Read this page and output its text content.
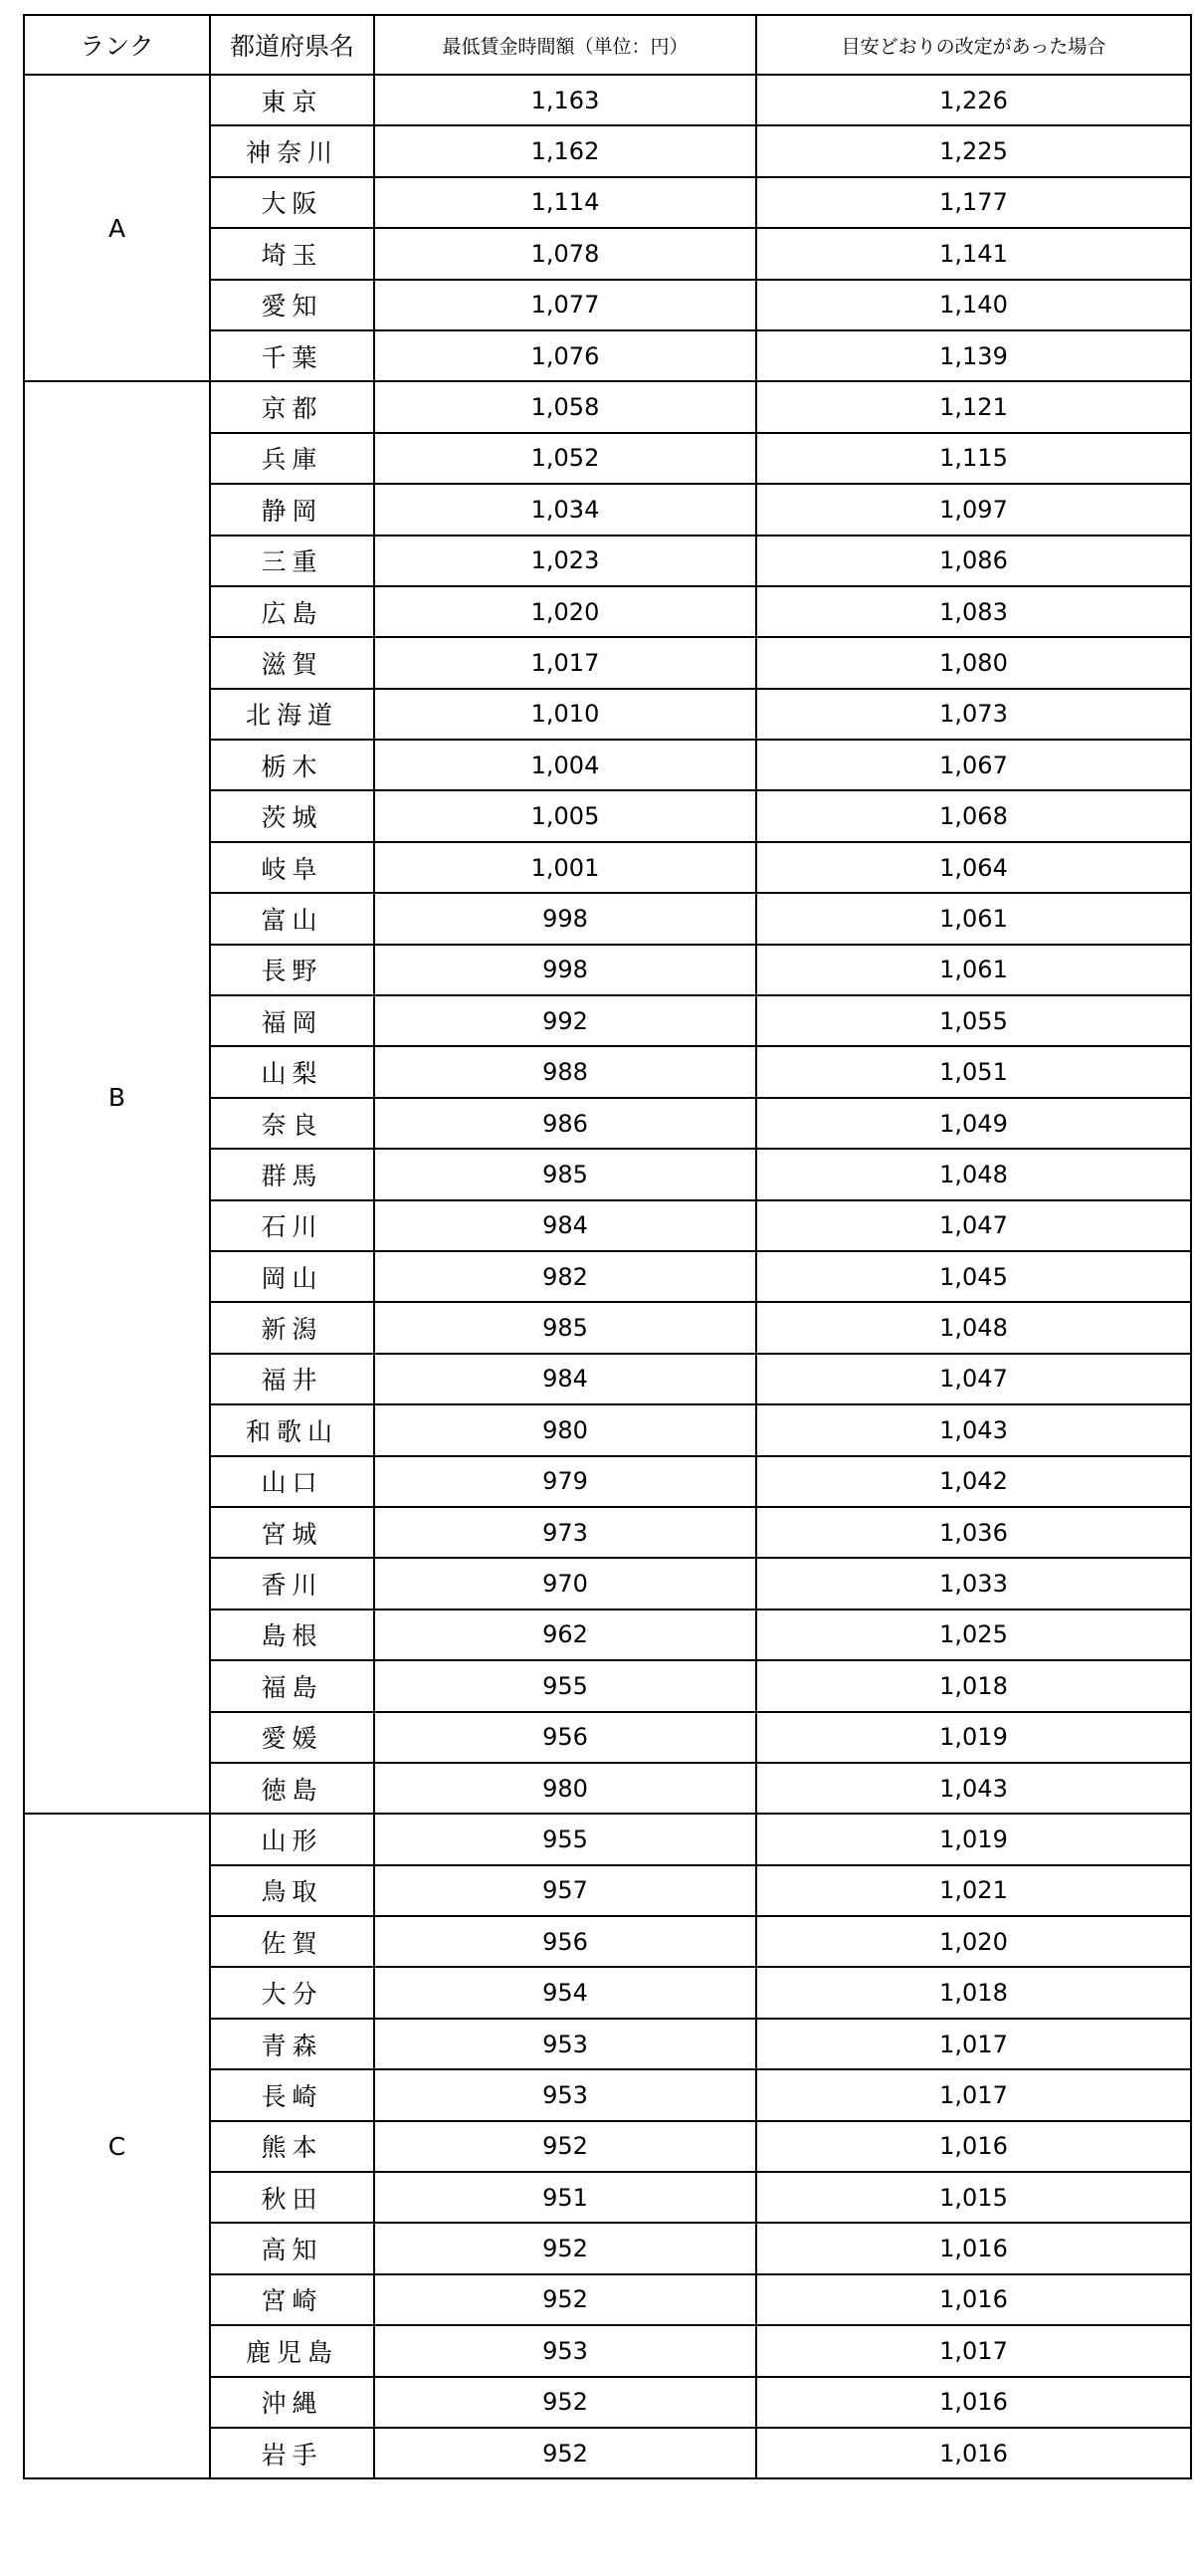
ランク	都道府県名	最低賃金時間額（単位：円）	目安どおりの改定があった場合
A	東京	1,163	1,226
	神奈川	1,162	1,225
	大阪	1,114	1,177
	埼玉	1,078	1,141
	愛知	1,077	1,140
	千葉	1,076	1,139
B	京都	1,058	1,121
	兵庫	1,052	1,115
	静岡	1,034	1,097
	三重	1,023	1,086
	広島	1,020	1,083
	滋賀	1,017	1,080
	北海道	1,010	1,073
	栃木	1,004	1,067
	茨城	1,005	1,068
	岐阜	1,001	1,064
	富山	998	1,061
	長野	998	1,061
	福岡	992	1,055
	山梨	988	1,051
	奈良	986	1,049
	群馬	985	1,048
	石川	984	1,047
	岡山	982	1,045
	新潟	985	1,048
	福井	984	1,047
	和歌山	980	1,043
	山口	979	1,042
	宮城	973	1,036
	香川	970	1,033
	島根	962	1,025
	福島	955	1,018
	愛媛	956	1,019
	徳島	980	1,043
C	山形	955	1,019
	鳥取	957	1,021
	佐賀	956	1,020
	大分	954	1,018
	青森	953	1,017
	長崎	953	1,017
	熊本	952	1,016
	秋田	951	1,015
	高知	952	1,016
	宮崎	952	1,016
	鹿児島	953	1,017
	沖縄	952	1,016
	岩手	952	1,016
